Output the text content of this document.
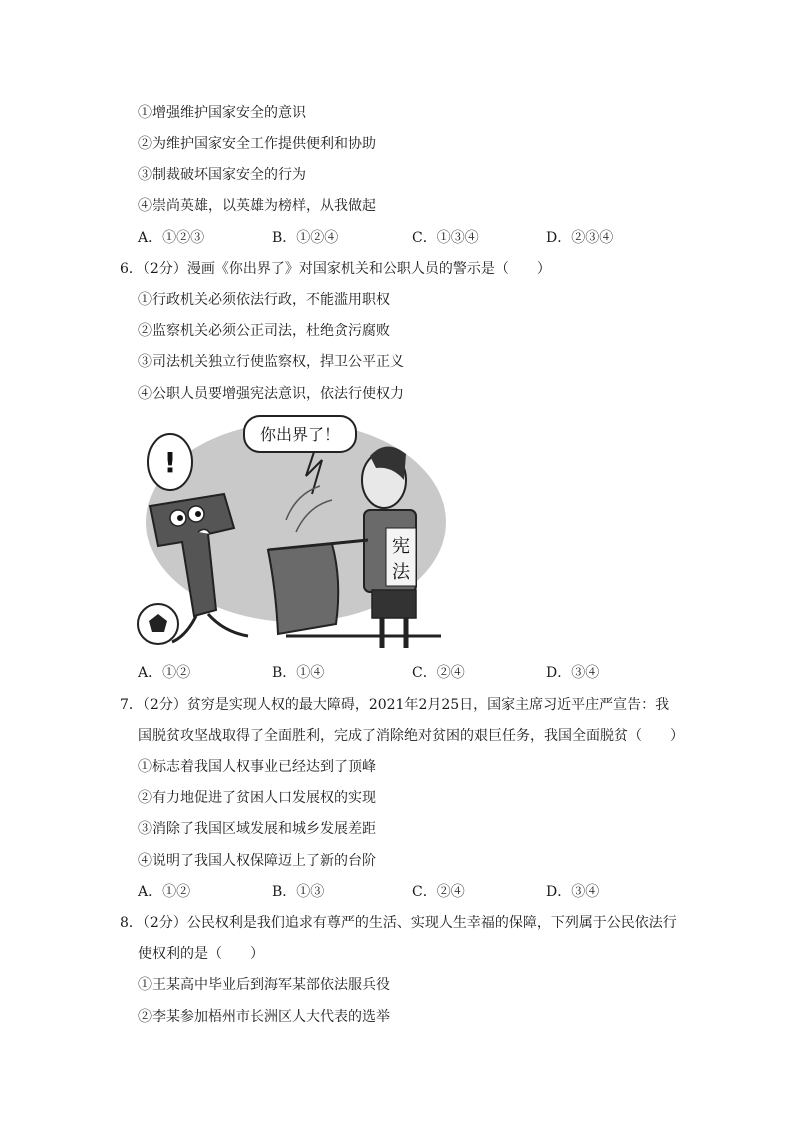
①增强维护国家安全的意识
②为维护国家安全工作提供便利和协助
③制裁破坏国家安全的行为
④崇尚英雄，以英雄为榜样，从我做起
A．①②③	B．①②④	C．①③④	D．②③④
6．（2分）漫画《你出界了》对国家机关和公职人员的警示是（　　）
①行政机关必须依法行政，不能滥用职权
②监察机关必须公正司法，杜绝贪污腐败
③司法机关独立行使监察权，捍卫公平正义
④公职人员要增强宪法意识，依法行使权力
你出界了！
!
宪
法
A．①②	B．①④	C．②④	D．③④
7．（2分）贫穷是实现人权的最大障碍，2021年2月25日，国家主席习近平庄严宣告：我
国脱贫攻坚战取得了全面胜利，完成了消除绝对贫困的艰巨任务，我国全面脱贫（　　）
①标志着我国人权事业已经达到了顶峰
②有力地促进了贫困人口发展权的实现
③消除了我国区域发展和城乡发展差距
④说明了我国人权保障迈上了新的台阶
A．①②	B．①③	C．②④	D．③④
8．（2分）公民权利是我们追求有尊严的生活、实现人生幸福的保障，下列属于公民依法行
使权利的是（　　）
①王某高中毕业后到海军某部依法服兵役
②李某参加梧州市长洲区人大代表的选举
